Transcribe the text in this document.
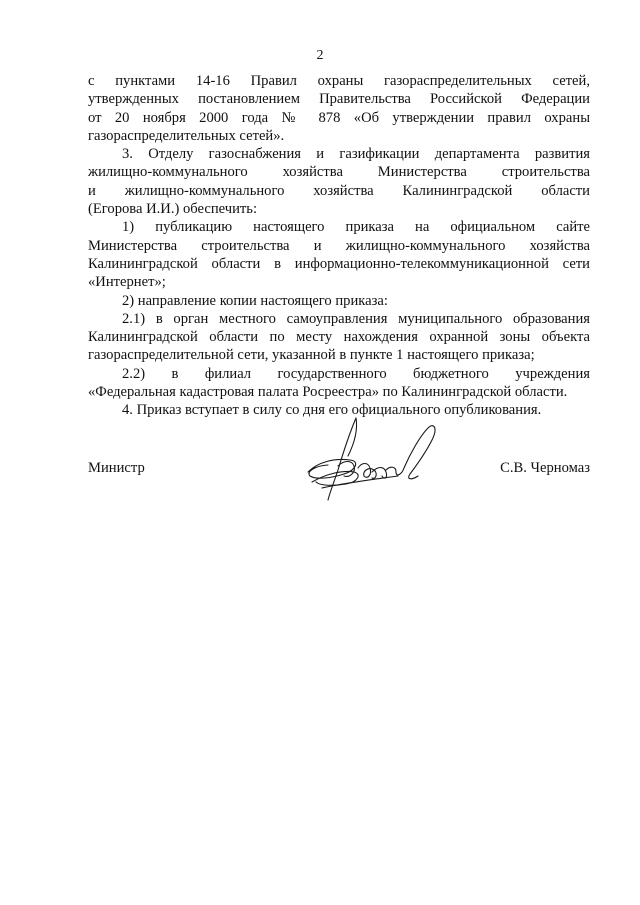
2

с пунктами 14-16 Правил охраны газораспределительных сетей,

утвержденных постановлением Правительства Российской Федерации

от 20 ноября 2000 года № 878 «Об утверждении правил охраны

газораспределительных сетей».

3. Отделу газоснабжения и газификации департамента развития

жилищно-коммунального хозяйства Министерства строительства

и жилищно-коммунального хозяйства Калининградской области

(Егорова И.И.) обеспечить:

1) публикацию настоящего приказа на официальном сайте

Министерства строительства и жилищно-коммунального хозяйства

Калининградской области в информационно-телекоммуникационной сети

«Интернет»;

2) направление копии настоящего приказа:

2.1) в орган местного самоуправления муниципального образования

Калининградской области по месту нахождения охранной зоны объекта

газораспределительной сети, указанной в пункте 1 настоящего приказа;

2.2) в филиал государственного бюджетного учреждения

«Федеральная кадастровая палата Росреестра» по Калининградской области.

4. Приказ вступает в силу со дня его официального опубликования.

Министр	С.В. Черномаз
